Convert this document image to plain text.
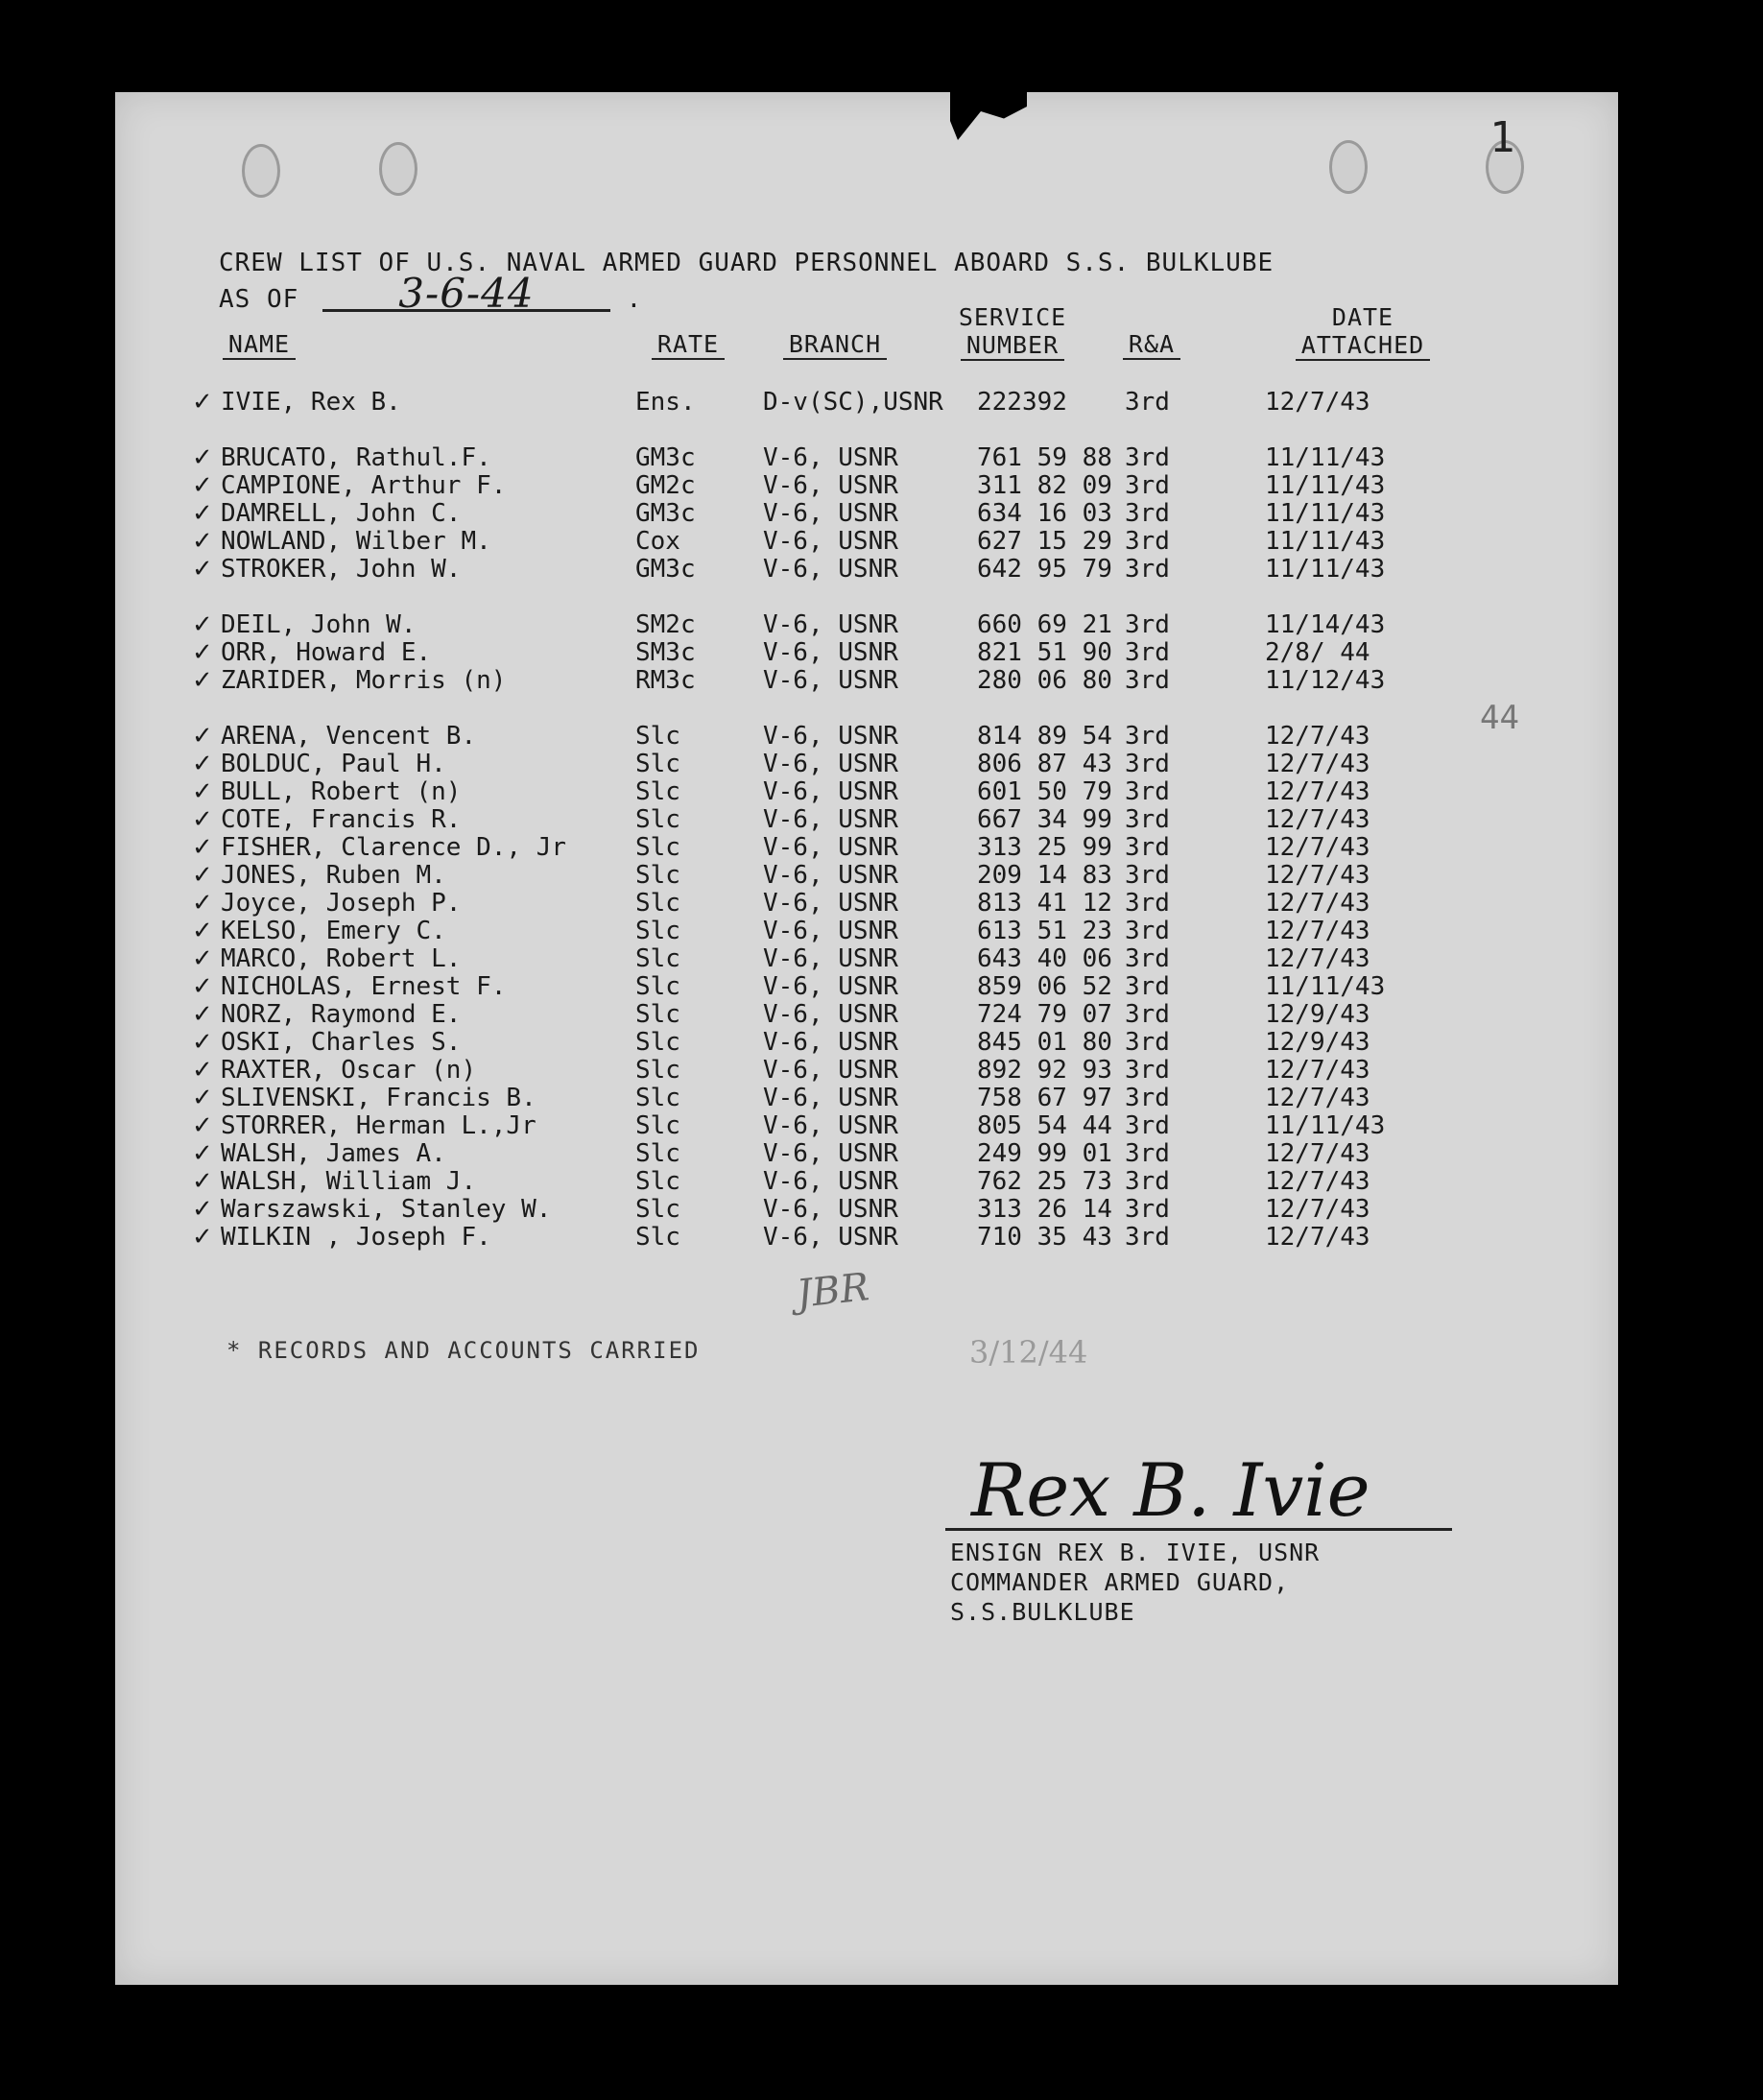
1
44
CREW LIST OF U.S. NAVAL ARMED GUARD PERSONNEL ABOARD S.S. BULKLUBE
AS OF 3-6-44	.
NAME	RATE	BRANCH
SERVICE
NUMBER	R&A
DATE
ATTACHED
✓ IVIE, Rex B.	Ens.	D-v(SC),USNR 222392 3rd	12/7/43
✓ BRUCATO, Rathul.F.	GM3c	V-6, USNR	761 59 88 3rd	11/11/43
✓ CAMPIONE, Arthur F.	GM2c	V-6, USNR	311 82 09 3rd	11/11/43
✓ DAMRELL, John C.	GM3c	V-6, USNR	634 16 03 3rd	11/11/43
✓ NOWLAND, Wilber M.	Cox	V-6, USNR	627 15 29 3rd	11/11/43
✓ STROKER, John W.	GM3c	V-6, USNR	642 95 79 3rd	11/11/43
✓ DEIL, John W.	SM2c	V-6, USNR	660 69 21 3rd	11/14/43
✓ ORR, Howard E.	SM3c	V-6, USNR	821 51 90 3rd	2/8/ 44
✓ ZARIDER, Morris (n)	RM3c	V-6, USNR	280 06 80 3rd	11/12/43
✓ ARENA, Vencent B.	Slc	V-6, USNR	814 89 54 3rd	12/7/43
✓ BOLDUC, Paul H.	Slc	V-6, USNR	806 87 43 3rd	12/7/43
✓ BULL, Robert (n)	Slc	V-6, USNR	601 50 79 3rd	12/7/43
✓ COTE, Francis R.	Slc	V-6, USNR	667 34 99 3rd	12/7/43
✓ FISHER, Clarence D., Jr	Slc	V-6, USNR	313 25 99 3rd	12/7/43
✓ JONES, Ruben M.	Slc	V-6, USNR	209 14 83 3rd	12/7/43
✓ Joyce, Joseph P.	Slc	V-6, USNR	813 41 12 3rd	12/7/43
✓ KELSO, Emery C.	Slc	V-6, USNR	613 51 23 3rd	12/7/43
✓ MARCO, Robert L.	Slc	V-6, USNR	643 40 06 3rd	12/7/43
✓ NICHOLAS, Ernest F.	Slc	V-6, USNR	859 06 52 3rd	11/11/43
✓ NORZ, Raymond E.	Slc	V-6, USNR	724 79 07 3rd	12/9/43
✓ OSKI, Charles S.	Slc	V-6, USNR	845 01 80 3rd	12/9/43
✓ RAXTER, Oscar (n)	Slc	V-6, USNR	892 92 93 3rd	12/7/43
✓ SLIVENSKI, Francis B.	Slc	V-6, USNR	758 67 97 3rd	12/7/43
✓ STORRER, Herman L.,Jr	Slc	V-6, USNR	805 54 44 3rd	11/11/43
✓ WALSH, James A.	Slc	V-6, USNR	249 99 01 3rd	12/7/43
✓ WALSH, William J.	Slc	V-6, USNR	762 25 73 3rd	12/7/43
✓ Warszawski, Stanley W.	Slc	V-6, USNR	313 26 14 3rd	12/7/43
✓ WILKIN , Joseph F.	Slc	V-6, USNR	710 35 43 3rd	12/7/43
* RECORDS AND ACCOUNTS CARRIED
JBR
3/12/44
Rex B. Ivie
ENSIGN REX B. IVIE, USNR
COMMANDER ARMED GUARD,
S.S.BULKLUBE
